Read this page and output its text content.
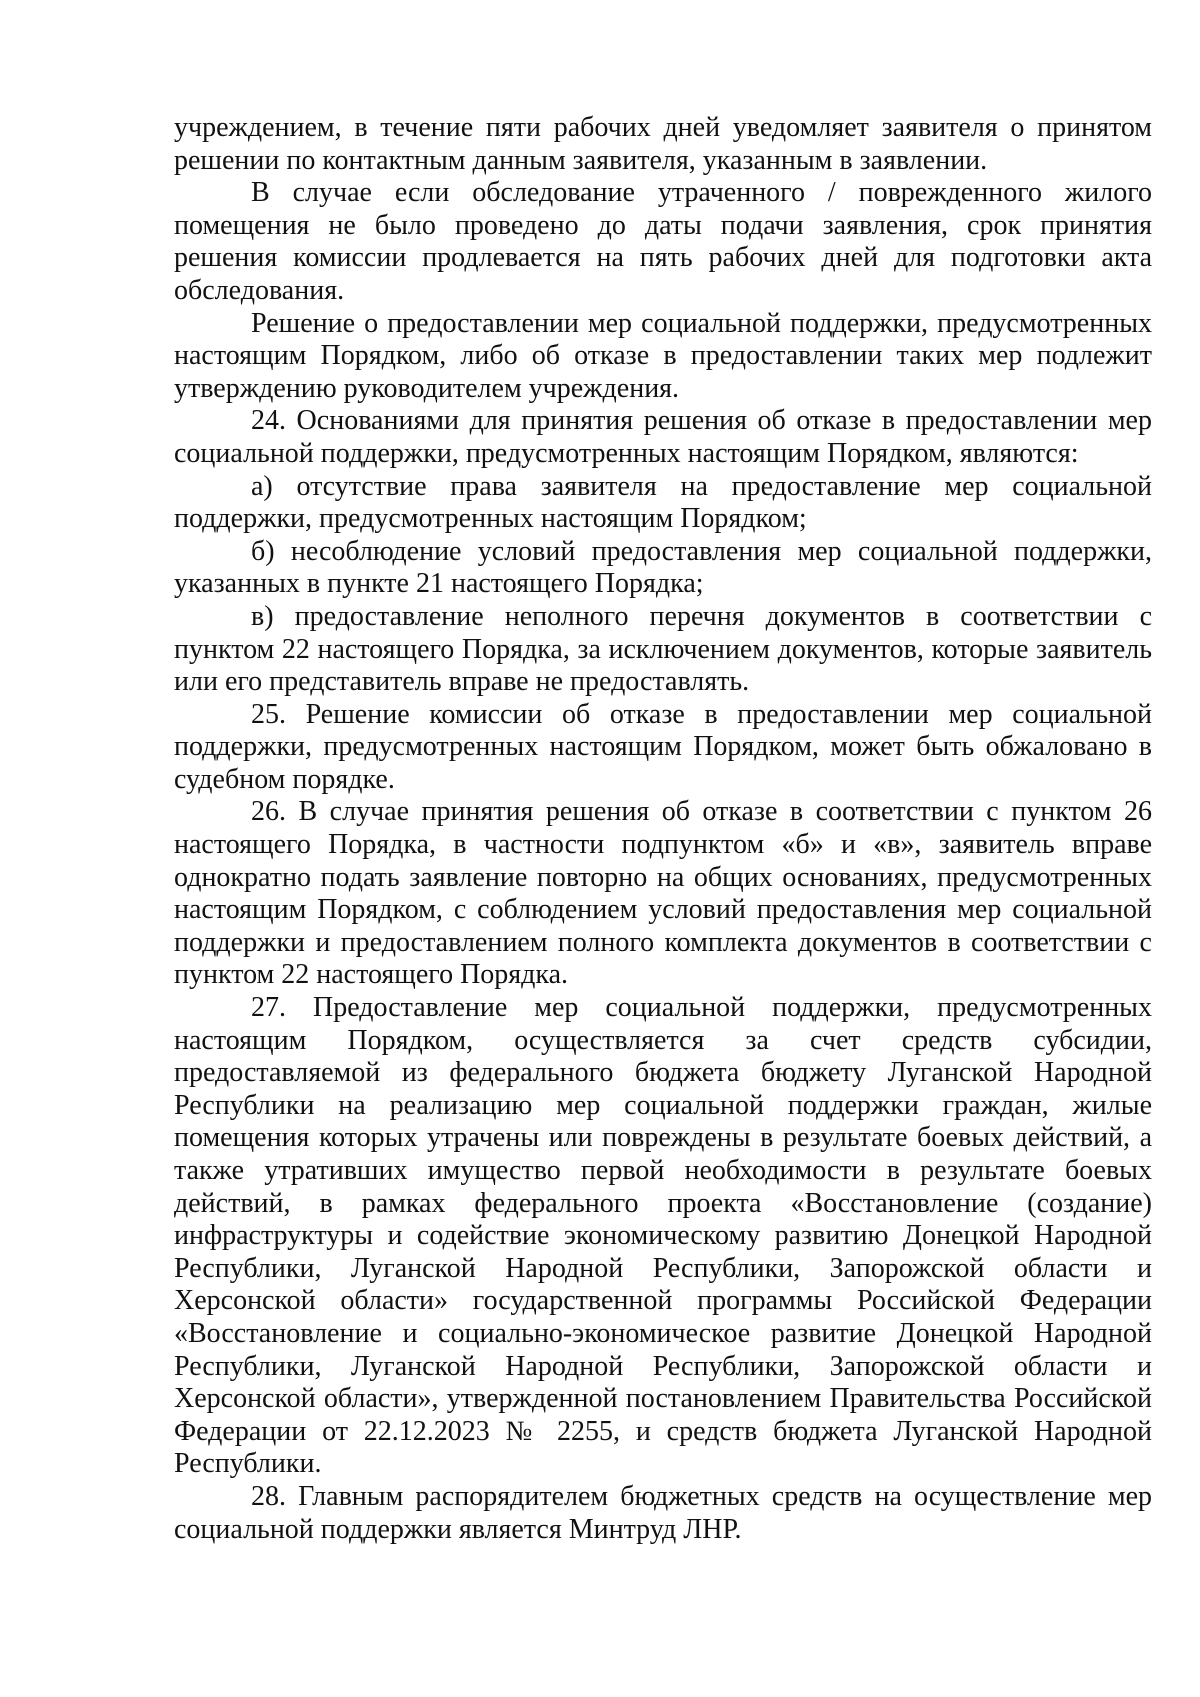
учреждением, в течение пяти рабочих дней уведомляет заявителя о принятом решении по контактным данным заявителя, указанным в заявлении.

В случае если обследование утраченного / поврежденного жилого помещения не было проведено до даты подачи заявления, срок принятия решения комиссии продлевается на пять рабочих дней для подготовки акта обследования.

Решение о предоставлении мер социальной поддержки, предусмотренных настоящим Порядком, либо об отказе в предоставлении таких мер подлежит утверждению руководителем учреждения.

24. Основаниями для принятия решения об отказе в предоставлении мер социальной поддержки, предусмотренных настоящим Порядком, являются:

а) отсутствие права заявителя на предоставление мер социальной поддержки, предусмотренных настоящим Порядком;

б) несоблюдение условий предоставления мер социальной поддержки, указанных в пункте 21 настоящего Порядка;

в) предоставление неполного перечня документов в соответствии с пунктом 22 настоящего Порядка, за исключением документов, которые заявитель или его представитель вправе не предоставлять.

25. Решение комиссии об отказе в предоставлении мер социальной поддержки, предусмотренных настоящим Порядком, может быть обжаловано в судебном порядке.

26. В случае принятия решения об отказе в соответствии с пунктом 26 настоящего Порядка, в частности подпунктом «б» и «в», заявитель вправе однократно подать заявление повторно на общих основаниях, предусмотренных настоящим Порядком, с соблюдением условий предоставления мер социальной поддержки и предоставлением полного комплекта документов в соответствии с пунктом 22 настоящего Порядка.

27. Предоставление мер социальной поддержки, предусмотренных настоящим Порядком, осуществляется за счет средств субсидии, предоставляемой из федерального бюджета бюджету Луганской Народной Республики на реализацию мер социальной поддержки граждан, жилые помещения которых утрачены или повреждены в результате боевых действий, а также утративших имущество первой необходимости в результате боевых действий, в рамках федерального проекта «Восстановление (создание) инфраструктуры и содействие экономическому развитию Донецкой Народной Республики, Луганской Народной Республики, Запорожской области и Херсонской области» государственной программы Российской Федерации «Восстановление и социально-экономическое развитие Донецкой Народной Республики, Луганской Народной Республики, Запорожской области и Херсонской области», утвержденной постановлением Правительства Российской Федерации от 22.12.2023 № 2255, и средств бюджета Луганской Народной Республики.

28. Главным распорядителем бюджетных средств на осуществление мер социальной поддержки является Минтруд ЛНР.
